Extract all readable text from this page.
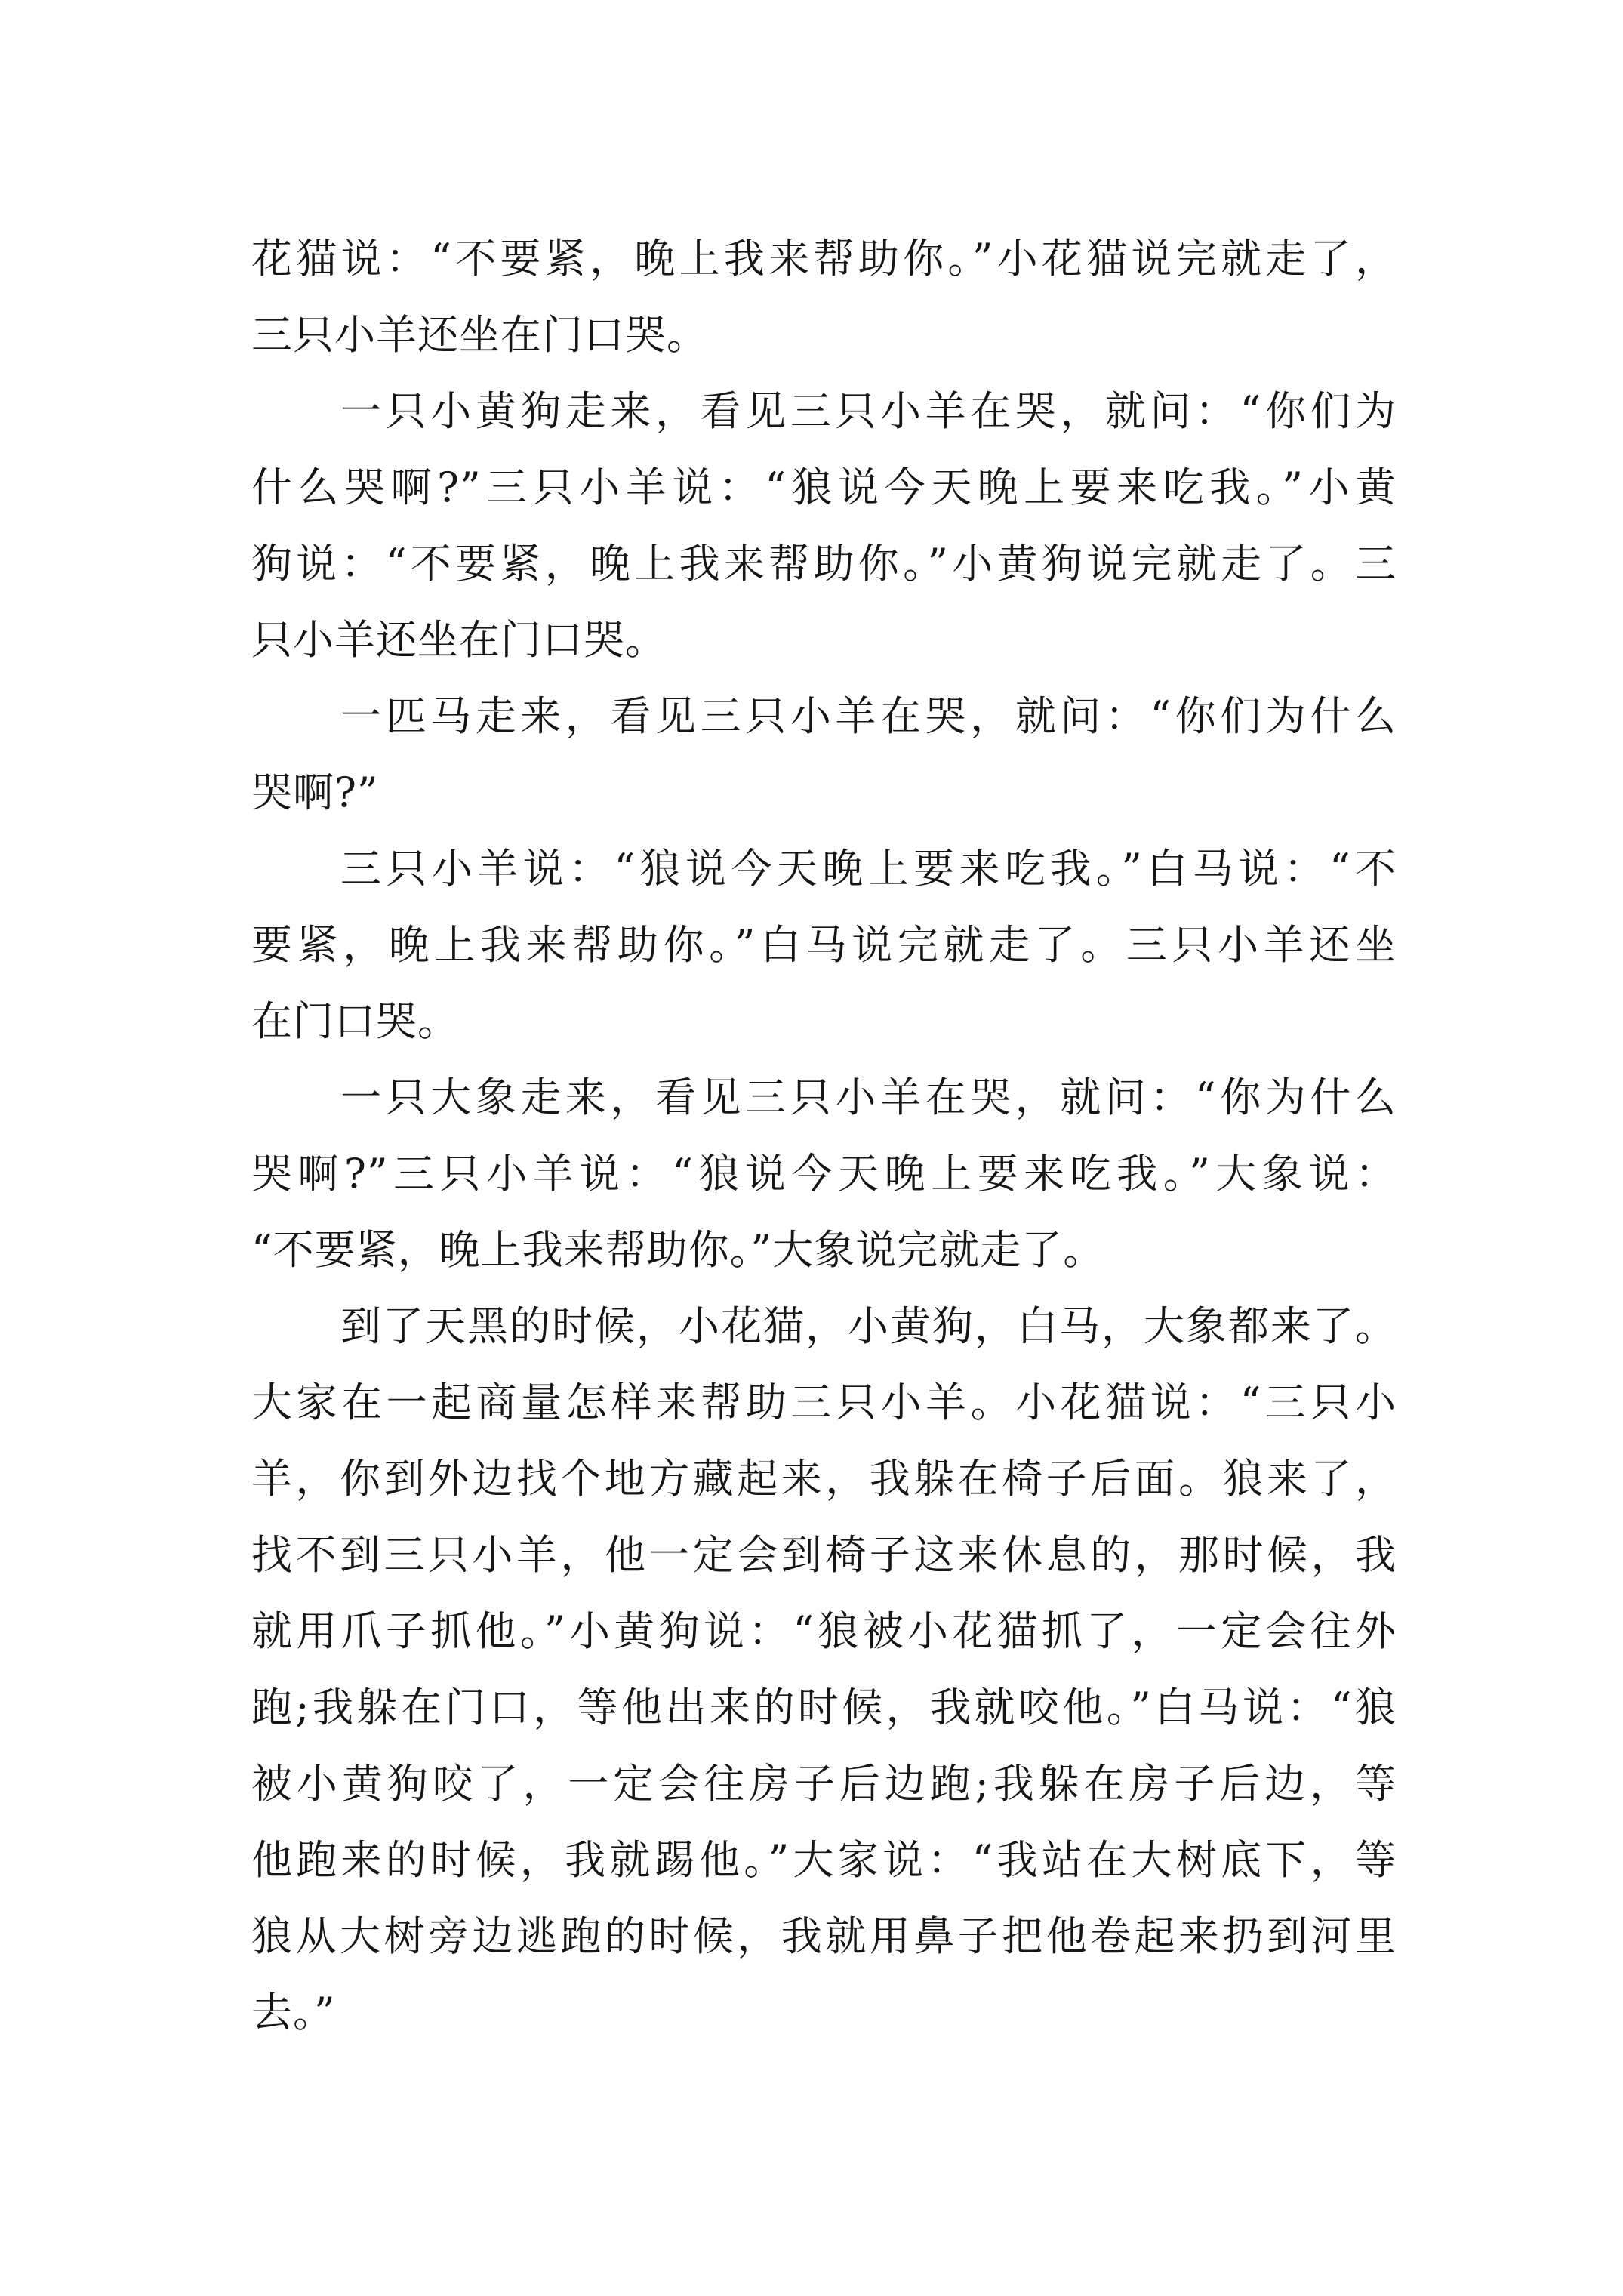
花猫说：“不要紧，晚上我来帮助你。”小花猫说完就走了，
三只小羊还坐在门口哭。
一只小黄狗走来，看见三只小羊在哭，就问：“你们为
什么哭啊?”三只小羊说：“狼说今天晚上要来吃我。”小黄
狗说：“不要紧，晚上我来帮助你。”小黄狗说完就走了。三
只小羊还坐在门口哭。
一匹马走来，看见三只小羊在哭，就问：“你们为什么
哭啊?”
三只小羊说：“狼说今天晚上要来吃我。”白马说：“不
要紧，晚上我来帮助你。”白马说完就走了。三只小羊还坐
在门口哭。
一只大象走来，看见三只小羊在哭，就问：“你为什么
哭啊?”三只小羊说：“狼说今天晚上要来吃我。”大象说：
“不要紧，晚上我来帮助你。”大象说完就走了。
到了天黑的时候，小花猫，小黄狗，白马，大象都来了。
大家在一起商量怎样来帮助三只小羊。小花猫说：“三只小
羊，你到外边找个地方藏起来，我躲在椅子后面。狼来了，
找不到三只小羊，他一定会到椅子这来休息的，那时候，我
就用爪子抓他。”小黄狗说：“狼被小花猫抓了，一定会往外
跑;我躲在门口，等他出来的时候，我就咬他。”白马说：“狼
被小黄狗咬了，一定会往房子后边跑;我躲在房子后边，等
他跑来的时候，我就踢他。”大家说：“我站在大树底下，等
狼从大树旁边逃跑的时候，我就用鼻子把他卷起来扔到河里
去。”
